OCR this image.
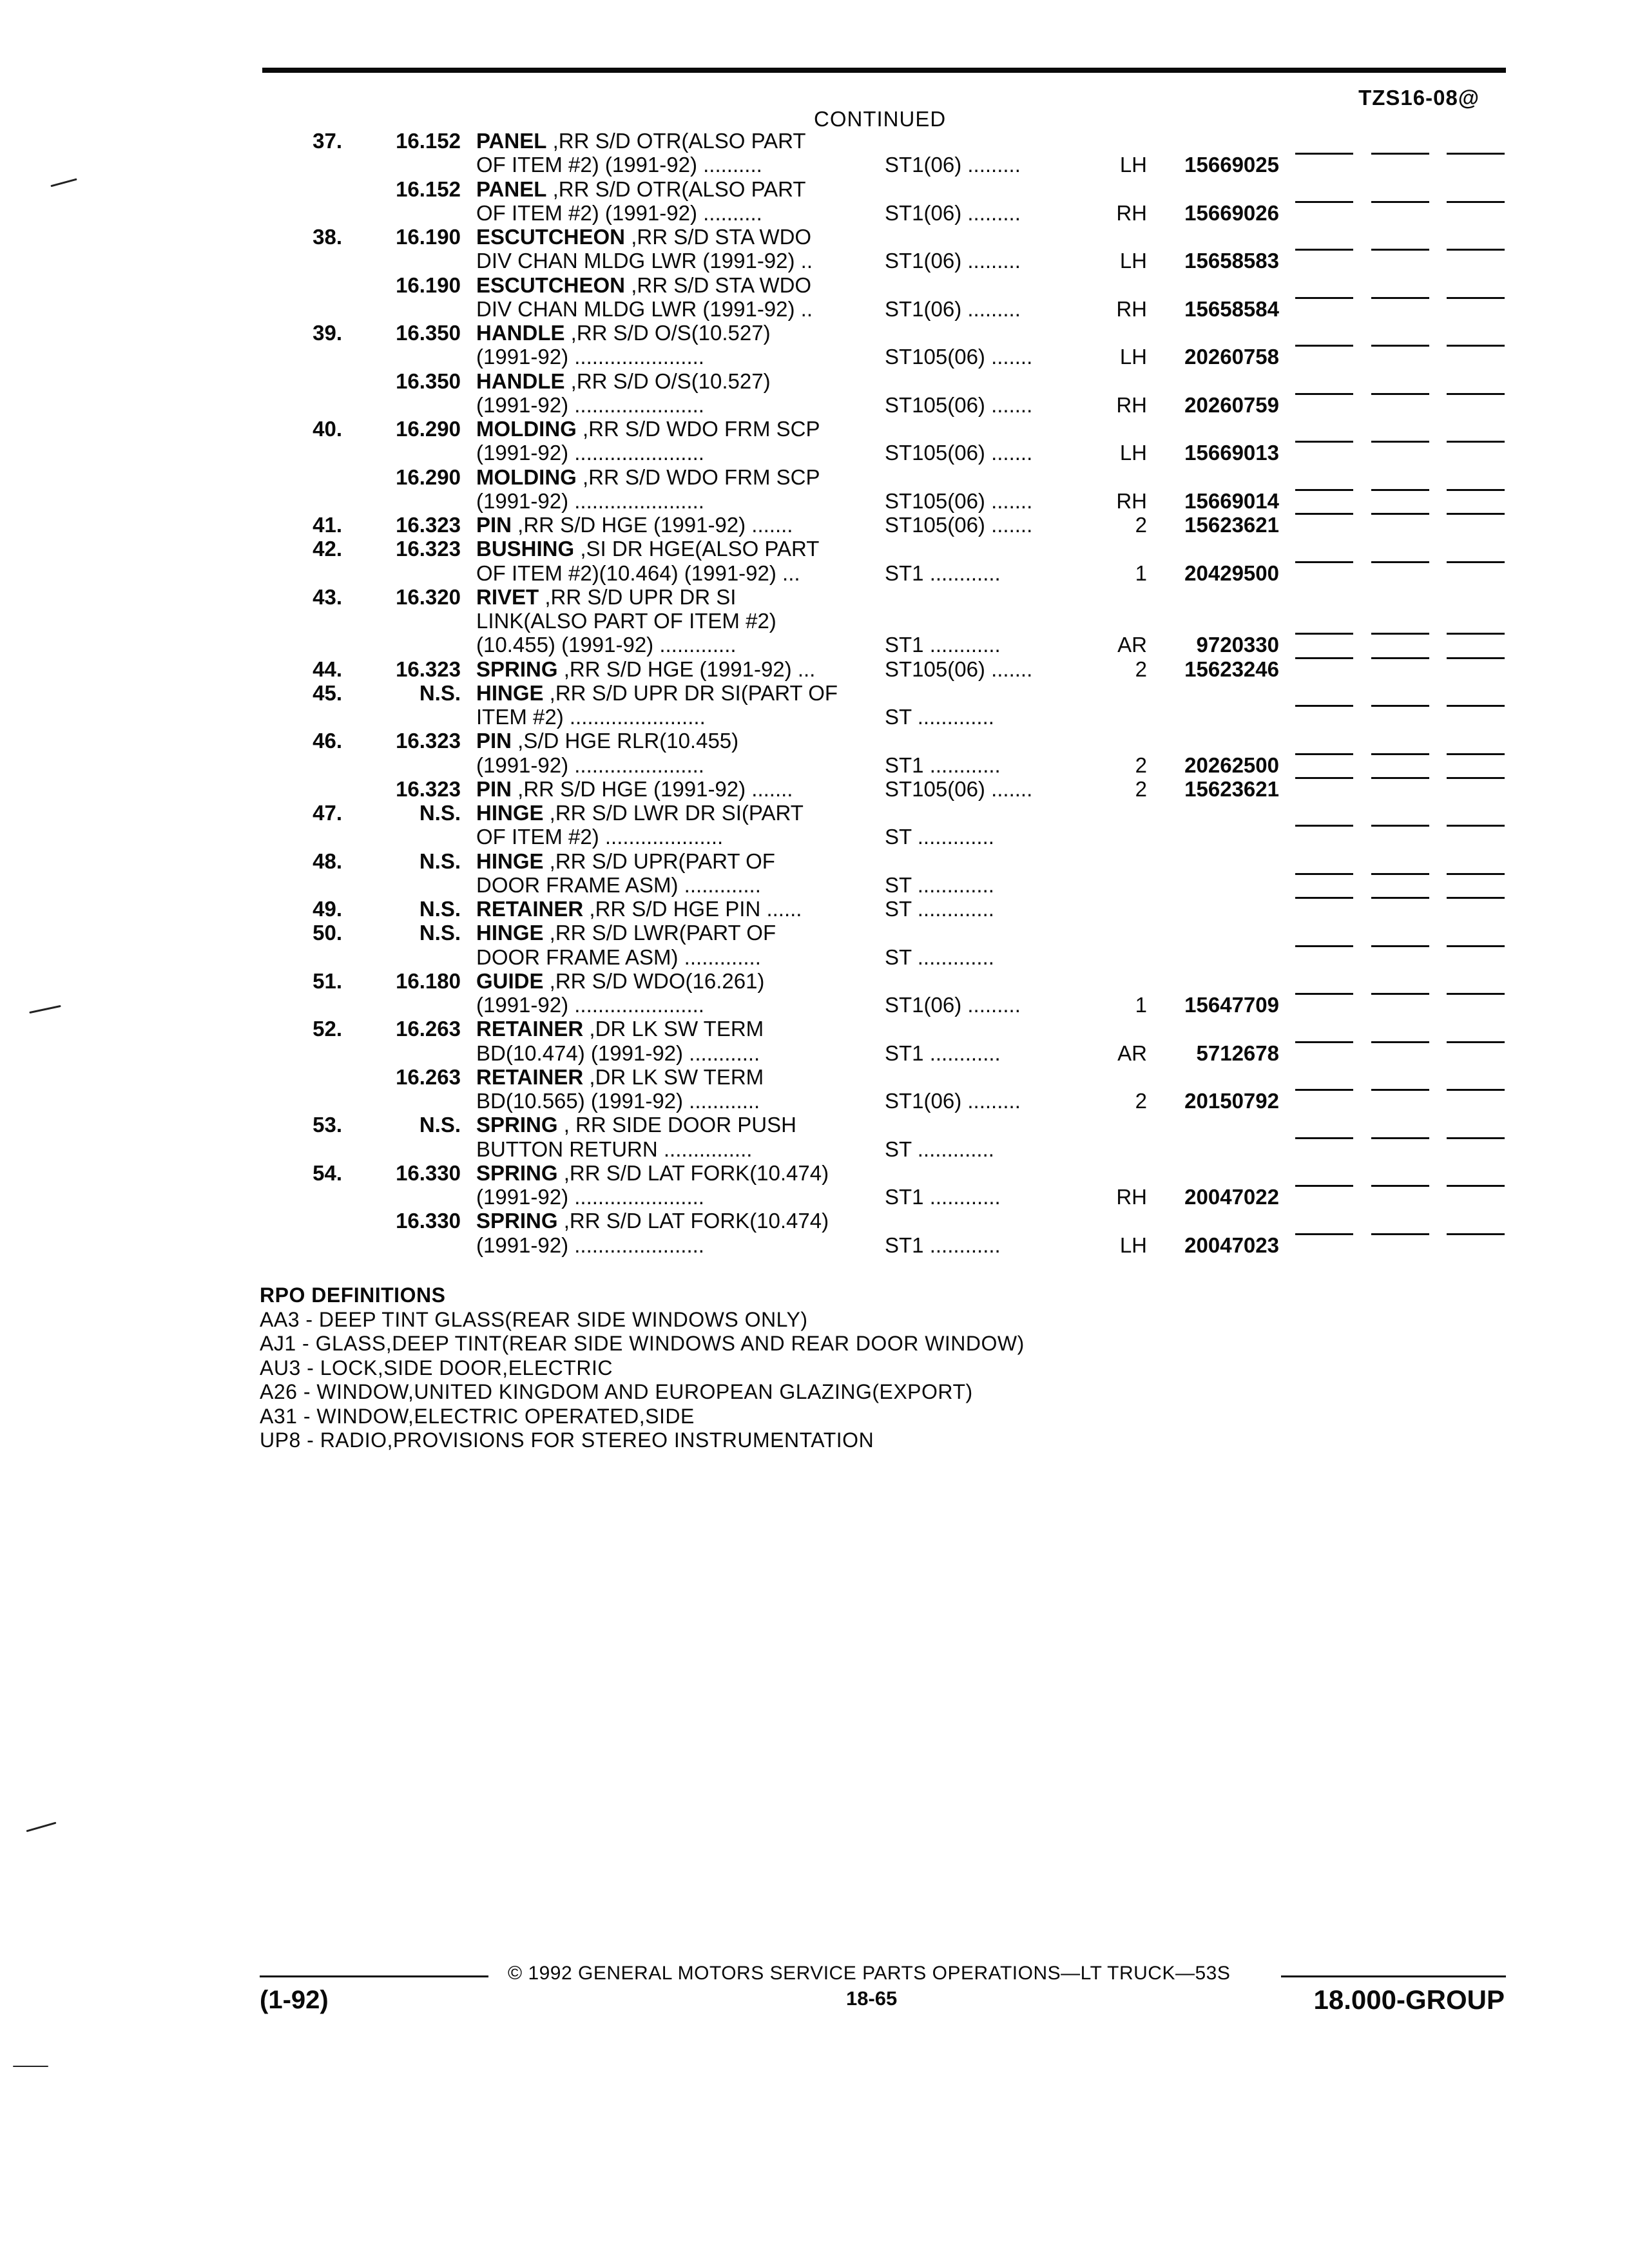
TZS16-08@
CONTINUED
37.	16.152 PANEL ,RR S/D OTR(ALSO PART
OF ITEM #2) (1991-92) ..........	ST1(06) .........	LH	15669025
16.152 PANEL ,RR S/D OTR(ALSO PART
OF ITEM #2) (1991-92) ..........	ST1(06) .........	RH	15669026
38.	16.190 ESCUTCHEON ,RR S/D STA WDO
DIV CHAN MLDG LWR (1991-92) ..	ST1(06) .........	LH	15658583
16.190 ESCUTCHEON ,RR S/D STA WDO
DIV CHAN MLDG LWR (1991-92) ..	ST1(06) .........	RH	15658584
39.	16.350 HANDLE ,RR S/D O/S(10.527)
(1991-92) ......................	ST105(06) .......	LH	20260758
16.350 HANDLE ,RR S/D O/S(10.527)
(1991-92) ......................	ST105(06) .......	RH	20260759
40.	16.290 MOLDING ,RR S/D WDO FRM SCP
(1991-92) ......................	ST105(06) .......	LH	15669013
16.290 MOLDING ,RR S/D WDO FRM SCP
(1991-92) ......................	ST105(06) .......	RH	15669014
41.	16.323 PIN ,RR S/D HGE (1991-92) .......	ST105(06) .......	2	15623621
42.	16.323 BUSHING ,SI DR HGE(ALSO PART
OF ITEM #2)(10.464) (1991-92) ...	ST1 ............	1	20429500
43.	16.320 RIVET ,RR S/D UPR DR SI
LINK(ALSO PART OF ITEM #2)
(10.455) (1991-92) .............	ST1 ............	AR	9720330
44.	16.323 SPRING ,RR S/D HGE (1991-92) ...	ST105(06) .......	2	15623246
45.	N.S. HINGE ,RR S/D UPR DR SI(PART OF
ITEM #2) .......................	ST .............
46.	16.323 PIN ,S/D HGE RLR(10.455)
(1991-92) ......................	ST1 ............	2	20262500
16.323 PIN ,RR S/D HGE (1991-92) .......	ST105(06) .......	2	15623621
47.	N.S. HINGE ,RR S/D LWR DR SI(PART
OF ITEM #2) ....................	ST .............
48.	N.S. HINGE ,RR S/D UPR(PART OF
DOOR FRAME ASM) .............	ST .............
49.	N.S. RETAINER ,RR S/D HGE PIN ......	ST .............
50.	N.S. HINGE ,RR S/D LWR(PART OF
DOOR FRAME ASM) .............	ST .............
51.	16.180 GUIDE ,RR S/D WDO(16.261)
(1991-92) ......................	ST1(06) .........	1	15647709
52.	16.263 RETAINER ,DR LK SW TERM
BD(10.474) (1991-92) ............	ST1 ............	AR	5712678
16.263 RETAINER ,DR LK SW TERM
BD(10.565) (1991-92) ............	ST1(06) .........	2	20150792
53.	N.S. SPRING , RR SIDE DOOR PUSH
BUTTON RETURN ...............	ST .............
54.	16.330 SPRING ,RR S/D LAT FORK(10.474)
(1991-92) ......................	ST1 ............	RH	20047022
16.330 SPRING ,RR S/D LAT FORK(10.474)
(1991-92) ......................	ST1 ............	LH	20047023
RPO DEFINITIONS
AA3 - DEEP TINT GLASS(REAR SIDE WINDOWS ONLY)
AJ1 - GLASS,DEEP TINT(REAR SIDE WINDOWS AND REAR DOOR WINDOW)
AU3 - LOCK,SIDE DOOR,ELECTRIC
A26 - WINDOW,UNITED KINGDOM AND EUROPEAN GLAZING(EXPORT)
A31 - WINDOW,ELECTRIC OPERATED,SIDE
UP8 - RADIO,PROVISIONS FOR STEREO INSTRUMENTATION
© 1992 GENERAL MOTORS SERVICE PARTS OPERATIONS—LT TRUCK—53S
(1-92)	18-65	18.000-GROUP
